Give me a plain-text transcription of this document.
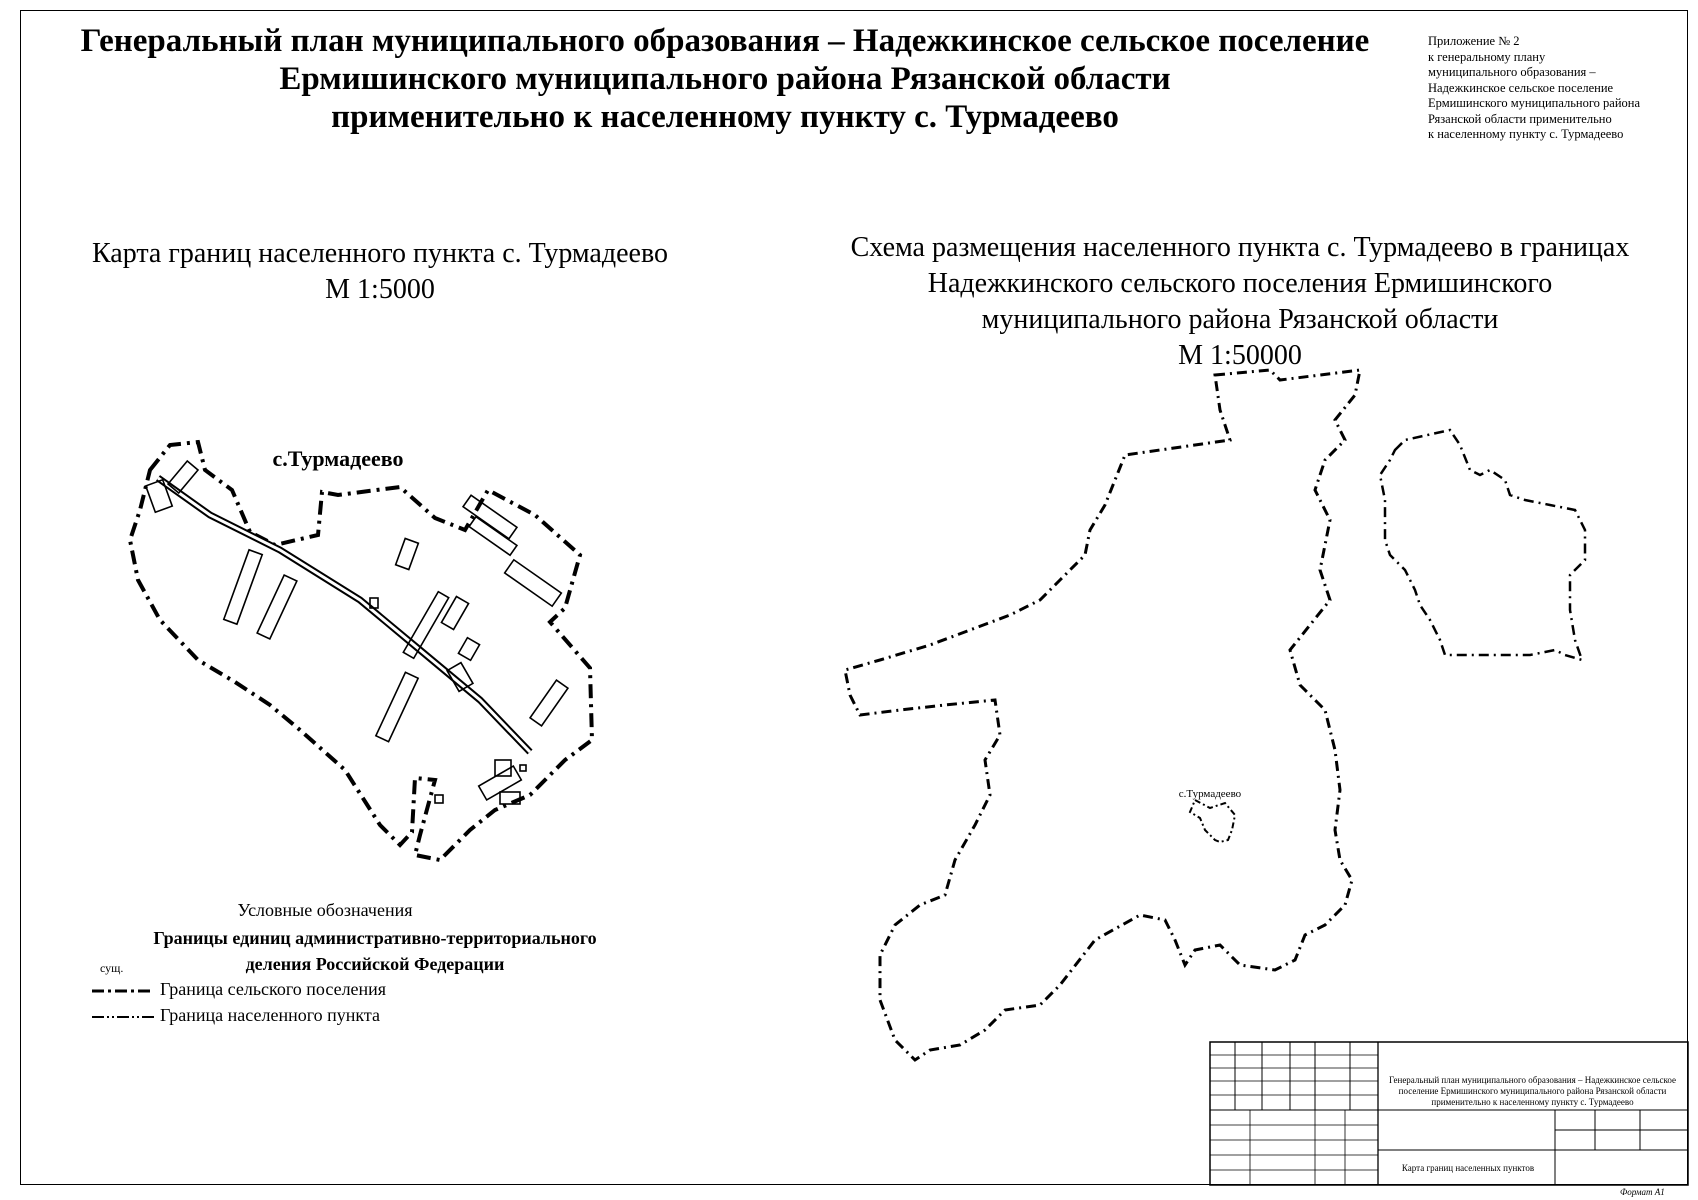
Генеральный план муниципального образования – Надежкинское сельское поселение
Ермишинского муниципального района Рязанской области
применительно к населенному пункту с. Турмадеево
Приложение № 2
к генеральному плану
муниципального образования –
Надежкинское сельское поселение
Ермишинского муниципального района
Рязанской области применительно
к населенному пункту с. Турмадеево
Карта границ населенного пункта с. Турмадеево
М 1:5000
Схема размещения населенного пункта с. Турмадеево в границах
Надежкинского сельского поселения Ермишинского
муниципального района Рязанской области
М 1:50000
с.Турмадеево
с.Турмадеево
Условные обозначения
Границы единиц административно-территориального
деления Российской Федерации
сущ.
Граница сельского поселения
Граница населенного пункта
Генеральный план муниципального образования – Надежкинское сельское поселение Ермишинского муниципального района Рязанской области применительно к населенному пункту с. Турмадеево
Карта границ населенных пунктов
Формат А1
